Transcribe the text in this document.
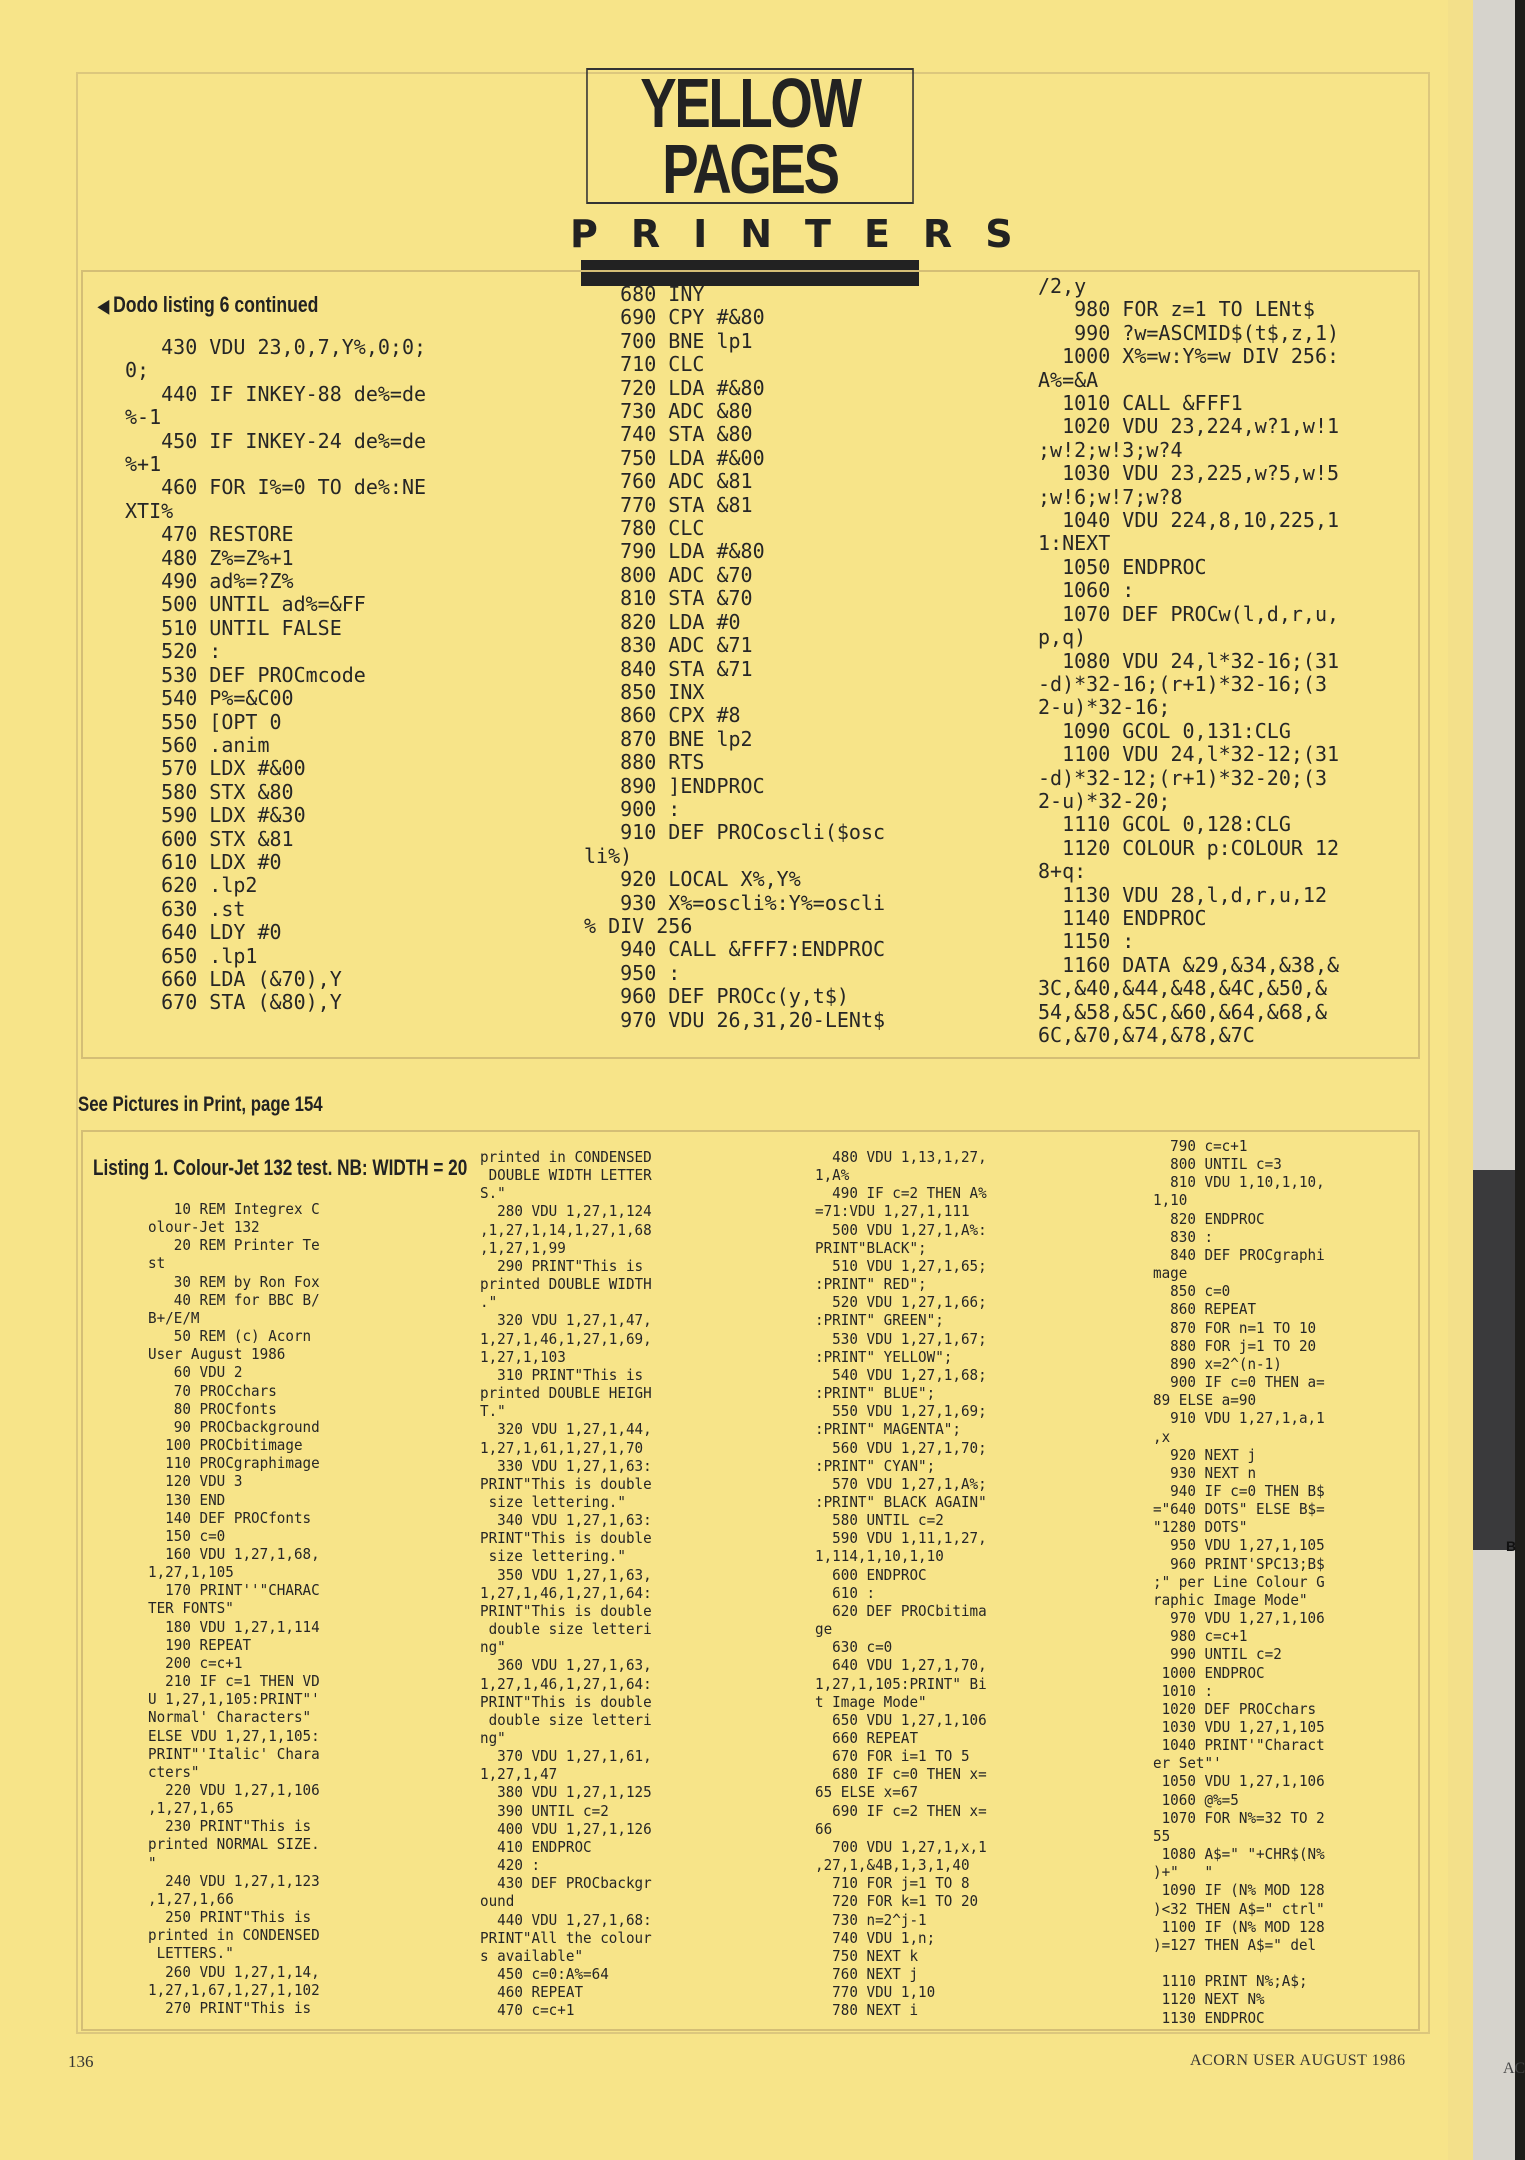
YELLOW PAGES
PRINTERS
◀ Dodo listing 6 continued
430 VDU 23,0,7,Y%,0;0;
0;
440 IF INKEY-88 de%=de
%-1
450 IF INKEY-24 de%=de
%+1
460 FOR I%=0 TO de%:NE
XTI%
470 RESTORE
480 Z%=Z%+1
490 ad%=?Z%
500 UNTIL ad%=&FF
510 UNTIL FALSE
520 :
530 DEF PROCmcode
540 P%=&C00
550 [OPT 0
560 .anim
570 LDX #&00
580 STX &80
590 LDX #&30
600 STX &81
610 LDX #0
620 .lp2
630 .st
640 LDY #0
650 .lp1
660 LDA (&70),Y
670 STA (&80),Y
680 INY
690 CPY #&80
700 BNE lp1
710 CLC
720 LDA #&80
730 ADC &80
740 STA &80
750 LDA #&00
760 ADC &81
770 STA &81
780 CLC
790 LDA #&80
800 ADC &70
810 STA &70
820 LDA #0
830 ADC &71
840 STA &71
850 INX
860 CPX #8
870 BNE lp2
880 RTS
890 ]ENDPROC
900 :
910 DEF PROCoscli($osc
li%)
920 LOCAL X%,Y%
930 X%=oscli%:Y%=oscli
% DIV 256
940 CALL &FFF7:ENDPROC
950 :
960 DEF PROCc(y,t$)
970 VDU 26,31,20-LENt$
/2,y
980 FOR z=1 TO LENt$
990 ?w=ASCMID$(t$,z,1)
1000 X%=w:Y%=w DIV 256:
A%=&A
1010 CALL &FFF1
1020 VDU 23,224,w?1,w!1
;w!2;w!3;w?4
1030 VDU 23,225,w?5,w!5
;w!6;w!7;w?8
1040 VDU 224,8,10,225,1
1:NEXT
1050 ENDPROC
1060 :
1070 DEF PROCw(l,d,r,u,
p,q)
1080 VDU 24,l*32-16;(31
-d)*32-16;(r+1)*32-16;(3
2-u)*32-16;
1090 GCOL 0,131:CLG
1100 VDU 24,l*32-12;(31
-d)*32-12;(r+1)*32-20;(3
2-u)*32-20;
1110 GCOL 0,128:CLG
1120 COLOUR p:COLOUR 12
8+q:
1130 VDU 28,l,d,r,u,12
1140 ENDPROC
1150 :
1160 DATA &29,&34,&38,&
3C,&40,&44,&48,&4C,&50,&
54,&58,&5C,&60,&64,&68,&
6C,&70,&74,&78,&7C
See Pictures in Print, page 154
Listing 1. Colour-Jet 132 test. NB: WIDTH = 20
10 REM Integrex C
olour-Jet 132
20 REM Printer Te
st
30 REM by Ron Fox
40 REM for BBC B/
B+/E/M
50 REM (c) Acorn
User August 1986
60 VDU 2
70 PROCchars
80 PROCfonts
90 PROCbackground
100 PROCbitimage
110 PROCgraphimage
120 VDU 3
130 END
140 DEF PROCfonts
150 c=0
160 VDU 1,27,1,68,
1,27,1,105
170 PRINT''"CHARAC
TER FONTS"
180 VDU 1,27,1,114
190 REPEAT
200 c=c+1
210 IF c=1 THEN VD
U 1,27,1,105:PRINT"'
Normal' Characters"
ELSE VDU 1,27,1,105:
PRINT"'Italic' Chara
cters"
220 VDU 1,27,1,106
,1,27,1,65
230 PRINT"This is
printed NORMAL SIZE.
"
240 VDU 1,27,1,123
,1,27,1,66
250 PRINT"This is
printed in CONDENSED
LETTERS."
260 VDU 1,27,1,14,
1,27,1,67,1,27,1,102
270 PRINT"This is
printed in CONDENSED
DOUBLE WIDTH LETTER
S."
280 VDU 1,27,1,124
,1,27,1,14,1,27,1,68
,1,27,1,99
290 PRINT"This is
printed DOUBLE WIDTH
."
320 VDU 1,27,1,47,
1,27,1,46,1,27,1,69,
1,27,1,103
310 PRINT"This is
printed DOUBLE HEIGH
T."
320 VDU 1,27,1,44,
1,27,1,61,1,27,1,70
330 VDU 1,27,1,63:
PRINT"This is double
size lettering."
340 VDU 1,27,1,63:
PRINT"This is double
size lettering."
350 VDU 1,27,1,63,
1,27,1,46,1,27,1,64:
PRINT"This is double
double size letteri
ng"
360 VDU 1,27,1,63,
1,27,1,46,1,27,1,64:
PRINT"This is double
double size letteri
ng"
370 VDU 1,27,1,61,
1,27,1,47
380 VDU 1,27,1,125
390 UNTIL c=2
400 VDU 1,27,1,126
410 ENDPROC
420 :
430 DEF PROCbackgr
ound
440 VDU 1,27,1,68:
PRINT"All the colour
s available"
450 c=0:A%=64
460 REPEAT
470 c=c+1
480 VDU 1,13,1,27,
1,A%
490 IF c=2 THEN A%
=71:VDU 1,27,1,111
500 VDU 1,27,1,A%:
PRINT"BLACK";
510 VDU 1,27,1,65;
:PRINT" RED";
520 VDU 1,27,1,66;
:PRINT" GREEN";
530 VDU 1,27,1,67;
:PRINT" YELLOW";
540 VDU 1,27,1,68;
:PRINT" BLUE";
550 VDU 1,27,1,69;
:PRINT" MAGENTA";
560 VDU 1,27,1,70;
:PRINT" CYAN";
570 VDU 1,27,1,A%;
:PRINT" BLACK AGAIN"
580 UNTIL c=2
590 VDU 1,11,1,27,
1,114,1,10,1,10
600 ENDPROC
610 :
620 DEF PROCbitima
ge
630 c=0
640 VDU 1,27,1,70,
1,27,1,105:PRINT" Bi
t Image Mode"
650 VDU 1,27,1,106
660 REPEAT
670 FOR i=1 TO 5
680 IF c=0 THEN x=
65 ELSE x=67
690 IF c=2 THEN x=
66
700 VDU 1,27,1,x,1
,27,1,&4B,1,3,1,40
710 FOR j=1 TO 8
720 FOR k=1 TO 20
730 n=2^j-1
740 VDU 1,n;
750 NEXT k
760 NEXT j
770 VDU 1,10
780 NEXT i
790 c=c+1
800 UNTIL c=3
810 VDU 1,10,1,10,
1,10
820 ENDPROC
830 :
840 DEF PROCgraphi
mage
850 c=0
860 REPEAT
870 FOR n=1 TO 10
880 FOR j=1 TO 20
890 x=2^(n-1)
900 IF c=0 THEN a=
89 ELSE a=90
910 VDU 1,27,1,a,1
,x
920 NEXT j
930 NEXT n
940 IF c=0 THEN B$
="640 DOTS" ELSE B$=
"1280 DOTS"
950 VDU 1,27,1,105
960 PRINT'SPC13;B$
;" per Line Colour G
raphic Image Mode"
970 VDU 1,27,1,106
980 c=c+1
990 UNTIL c=2
1000 ENDPROC
1010 :
1020 DEF PROCchars
1030 VDU 1,27,1,105
1040 PRINT'"Charact
er Set"'
1050 VDU 1,27,1,106
1060 @%=5
1070 FOR N%=32 TO 2
55
1080 A$=" "+CHR$(N%
)+"   "
1090 IF (N% MOD 128
)<32 THEN A$=" ctrl"
1100 IF (N% MOD 128
)=127 THEN A$=" del

1110 PRINT N%;A$;
1120 NEXT N%
1130 ENDPROC
136	ACORN USER AUGUST 1986
B
AC
